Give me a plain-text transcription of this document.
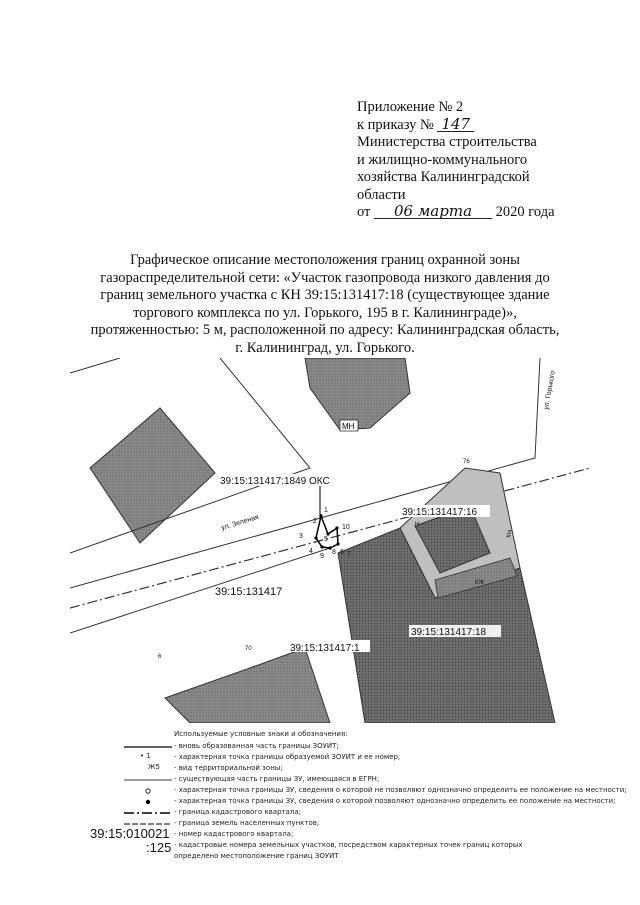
Приложение № 2
к приказу № 147
Министерства строительства
и жилищно-коммунального
хозяйства Калининградской
области
от 06 марта 2020 года
Графическое описание местоположения границ охранной зоны
газораспределительной сети: «Участок газопровода низкого давления до
границ земельного участка с КН 39:15:131417:18 (существующее здание
торгового комплекса по ул. Горького, 195 в г. Калининграде)»,
протяженностью: 5 м, расположенной по адресу: Калининградская область,
г. Калининград, ул. Горького.
МН
1
2
3
4
5
6 7
8
9
10
ул. Горького
ул. Зеленая
39:15:131417:1849 ОКС
39:15:131417:16
39:15:131417
39:15:131417:1
39:15:131417:18
6
70
76
КЖ
КН
Н
Используемые условные знаки и обозначения:
- вновь образованная часть границы ЗОУИТ;
• 1	- характерная точка границы образуемой ЗОУИТ и ее номер;
Ж5 - вид территориальной зоны;
- существующая часть границы ЗУ, имеющаяся в ЕГРН;
- характерная точка границы ЗУ, сведения о которой не позволяют однозначно определить ее положение на местности;
- характерная точка границы ЗУ, сведения о которой позволяют однозначно определить ее положение на местности;
- граница кадастрового квартала;
- граница земель населенных пунктов;
39:15:010021 - номер кадастрового квартала;
:125 - кадастровые номера земельных участков, посредством характерных точек границ которых
определено местоположение границ ЗОУИТ
